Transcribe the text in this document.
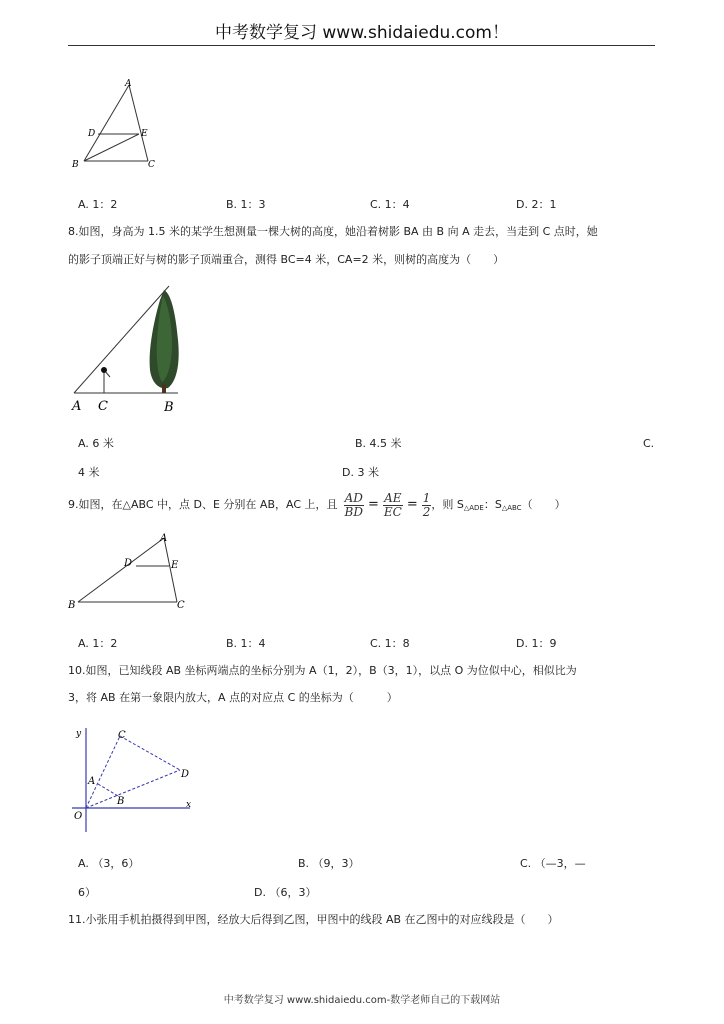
中考数学复习 www.shidaiedu.com！
A
D	E
B	C
A. 1：2	B. 1：3	C. 1：4	D. 2：1
8.如图，身高为 1.5 米的某学生想测量一棵大树的高度，她沿着树影 BA 由 B 向 A 走去，当走到 C 点时，她
的影子顶端正好与树的影子顶端重合，测得 BC=4 米，CA=2 米，则树的高度为（　　）
A C	B
A. 6 米	B. 4.5 米	C.
4 米	D. 3 米
9.如图，在△ABC 中，点 D、E 分别在 AB，AC 上，且 $\frac{AD}{BD} = \frac{AE}{EC} = \frac{1}{2}$ ，则 S △ADE ：S △ABC （　　）
A
D	E
B	C
A. 1：2	B. 1：4	C. 1：8	D. 1：9
10.如图，已知线段 AB 坐标两端点的坐标分别为 A（1，2），B（3，1），以点 O 为位似中心，相似比为
3，将 AB 在第一象限内放大，A 点的对应点 C 的坐标为（　　　）
y
x
O
A
B
C
D
A. （3，6）	B. （9，3）	C. （—3，—
6）	D. （6，3）
11.小张用手机拍摄得到甲图，经放大后得到乙图，甲图中的线段 AB 在乙图中的对应线段是（　　）
中考数学复习 www.shidaiedu.com-数学老师自己的下载网站
